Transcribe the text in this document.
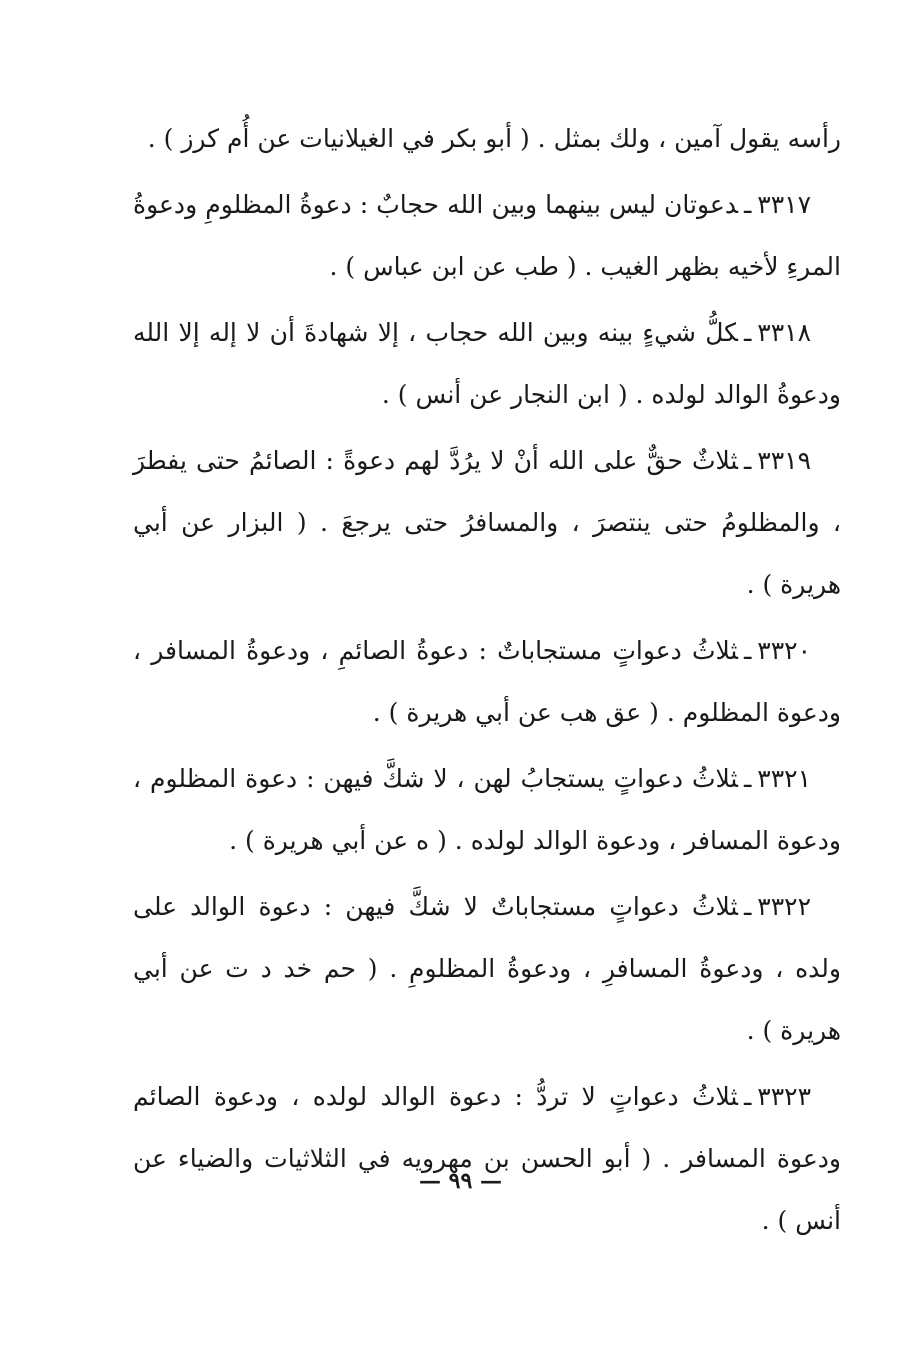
رأسه يقول آمين ، ولك بمثل . ( أبو بكر في الغيلانيات عن أُم كرز ) .

٣٣١٧ـدعوتان ليس بينهما وبين الله حجابٌ : دعوةُ المظلومِ ودعوةُ المرءِ لأخيه بظهر الغيب . ( طب عن ابن عباس ) .

٣٣١٨ـكلُّ شيءٍ بينه وبين الله حجاب ، إلا شهادةَ أن لا إله إلا الله ودعوةُ الوالد لولده . ( ابن النجار عن أنس ) .

٣٣١٩ـثلاثٌ حقٌّ على الله أنْ لا يرُدَّ لهم دعوةً : الصائمُ حتى يفطرَ ، والمظلومُ حتى ينتصرَ ، والمسافرُ حتى يرجعَ . ( البزار عن أبي هريرة ) .

٣٣٢٠ـثلاثُ دعواتٍ مستجاباتٌ : دعوةُ الصائمِ ، ودعوةُ المسافر ، ودعوة المظلوم . ( عق هب عن أبي هريرة ) .

٣٣٢١ـثلاثُ دعواتٍ يستجابُ لهن ، لا شكَّ فيهن : دعوة المظلوم ، ودعوة المسافر ، ودعوة الوالد لولده . ( ه عن أبي هريرة ) .

٣٣٢٢ـثلاثُ دعواتٍ مستجاباتٌ لا شكَّ فيهن : دعوة الوالد على ولده ، ودعوةُ المسافرِ ، ودعوةُ المظلومِ . ( حم خد د ت عن أبي هريرة ) .

٣٣٢٣ـثلاثُ دعواتٍ لا تردُّ : دعوة الوالد لولده ، ودعوة الصائم ودعوة المسافر . ( أبو الحسن بن مهرويه في الثلاثيات والضياء عن أنس ) .

— ٩٩ —
